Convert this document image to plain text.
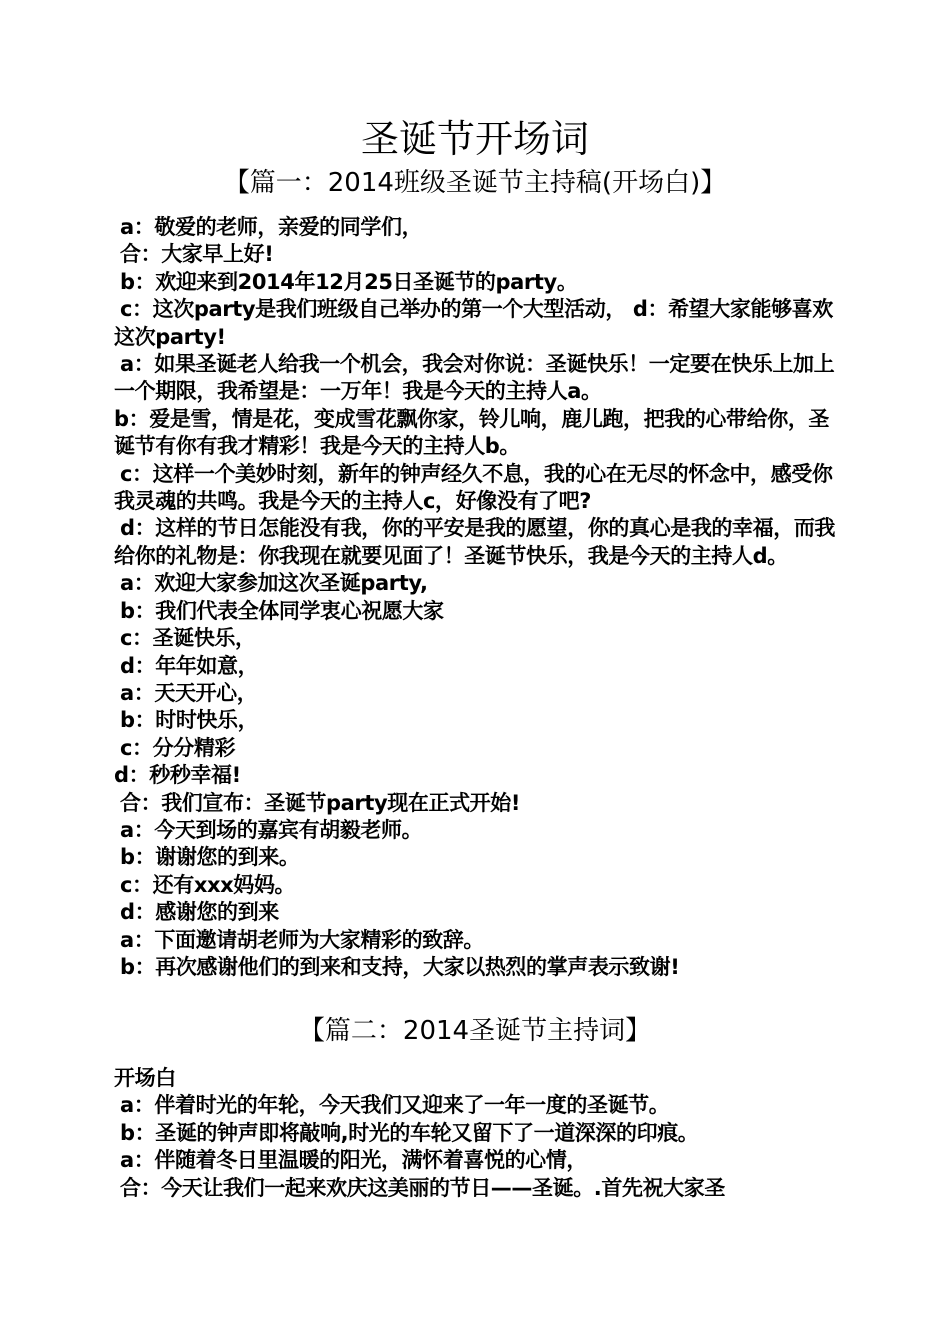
圣诞节开场词
【篇一：2014班级圣诞节主持稿(开场白)】

a：敬爱的老师，亲爱的同学们，

合：大家早上好!

b：欢迎来到2014年12月25日圣诞节的party。

c：这次party是我们班级自己举办的第一个大型活动， d：希望大家能够喜欢这次party!

a：如果圣诞老人给我一个机会，我会对你说：圣诞快乐！一定要在快乐上加上一个期限，我希望是：一万年！我是今天的主持人a。

b：爱是雪，情是花，变成雪花飘你家，铃儿响，鹿儿跑，把我的心带给你，圣诞节有你有我才精彩！我是今天的主持人b。

c：这样一个美妙时刻，新年的钟声经久不息，我的心在无尽的怀念中，感受你我灵魂的共鸣。我是今天的主持人c，好像没有了吧?

d：这样的节日怎能没有我，你的平安是我的愿望，你的真心是我的幸福，而我给你的礼物是：你我现在就要见面了！圣诞节快乐，我是今天的主持人d。

a：欢迎大家参加这次圣诞party,

b：我们代表全体同学衷心祝愿大家

c：圣诞快乐，

d：年年如意，

a：天天开心，

b：时时快乐，

c：分分精彩

d：秒秒幸福!

合：我们宣布：圣诞节party现在正式开始!

a：今天到场的嘉宾有胡毅老师。

b：谢谢您的到来。

c：还有xxx妈妈。

d：感谢您的到来

a：下面邀请胡老师为大家精彩的致辞。

b：再次感谢他们的到来和支持，大家以热烈的掌声表示致谢!

【篇二：2014圣诞节主持词】

开场白

a：伴着时光的年轮，今天我们又迎来了一年一度的圣诞节。

b：圣诞的钟声即将敲响,时光的车轮又留下了一道深深的印痕。

a：伴随着冬日里温暖的阳光，满怀着喜悦的心情，

合：今天让我们一起来欢庆这美丽的节日——圣诞。.首先祝大家圣
